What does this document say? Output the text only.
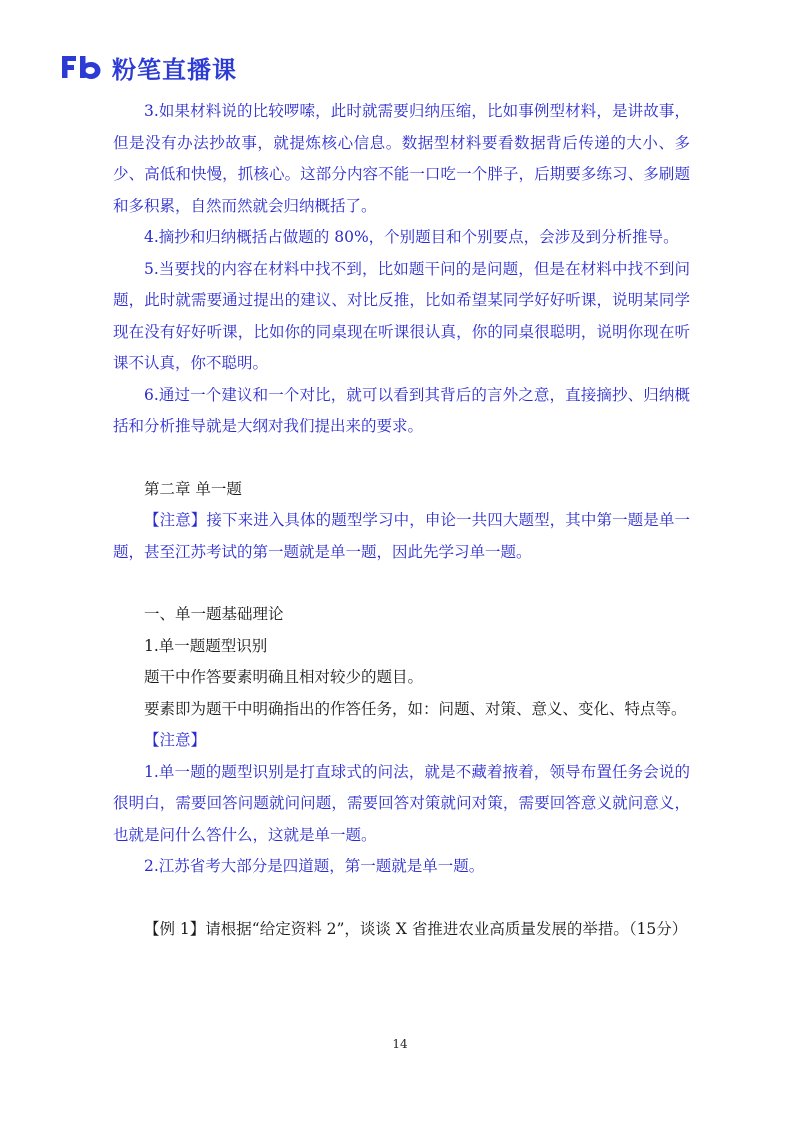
粉笔直播课

3.如果材料说的比较啰嗦，此时就需要归纳压缩，比如事例型材料，是讲故事，但是没有办法抄故事，就提炼核心信息。数据型材料要看数据背后传递的大小、多少、高低和快慢，抓核心。这部分内容不能一口吃一个胖子，后期要多练习、多刷题和多积累，自然而然就会归纳概括了。

4.摘抄和归纳概括占做题的 80%，个别题目和个别要点，会涉及到分析推导。

5.当要找的内容在材料中找不到，比如题干问的是问题，但是在材料中找不到问题，此时就需要通过提出的建议、对比反推，比如希望某同学好好听课，说明某同学现在没有好好听课，比如你的同桌现在听课很认真，你的同桌很聪明，说明你现在听课不认真，你不聪明。

6.通过一个建议和一个对比，就可以看到其背后的言外之意，直接摘抄、归纳概括和分析推导就是大纲对我们提出来的要求。

第二章 单一题

【注意】接下来进入具体的题型学习中，申论一共四大题型，其中第一题是单一题，甚至江苏考试的第一题就是单一题，因此先学习单一题。

一、单一题基础理论

1.单一题题型识别

题干中作答要素明确且相对较少的题目。

要素即为题干中明确指出的作答任务，如：问题、对策、意义、变化、特点等。

【注意】

1.单一题的题型识别是打直球式的问法，就是不藏着掖着，领导布置任务会说的很明白，需要回答问题就问问题，需要回答对策就问对策，需要回答意义就问意义，也就是问什么答什么，这就是单一题。

2.江苏省考大部分是四道题，第一题就是单一题。

【例 1】请根据“给定资料 2”，谈谈 X 省推进农业高质量发展的举措。（15分）

14
